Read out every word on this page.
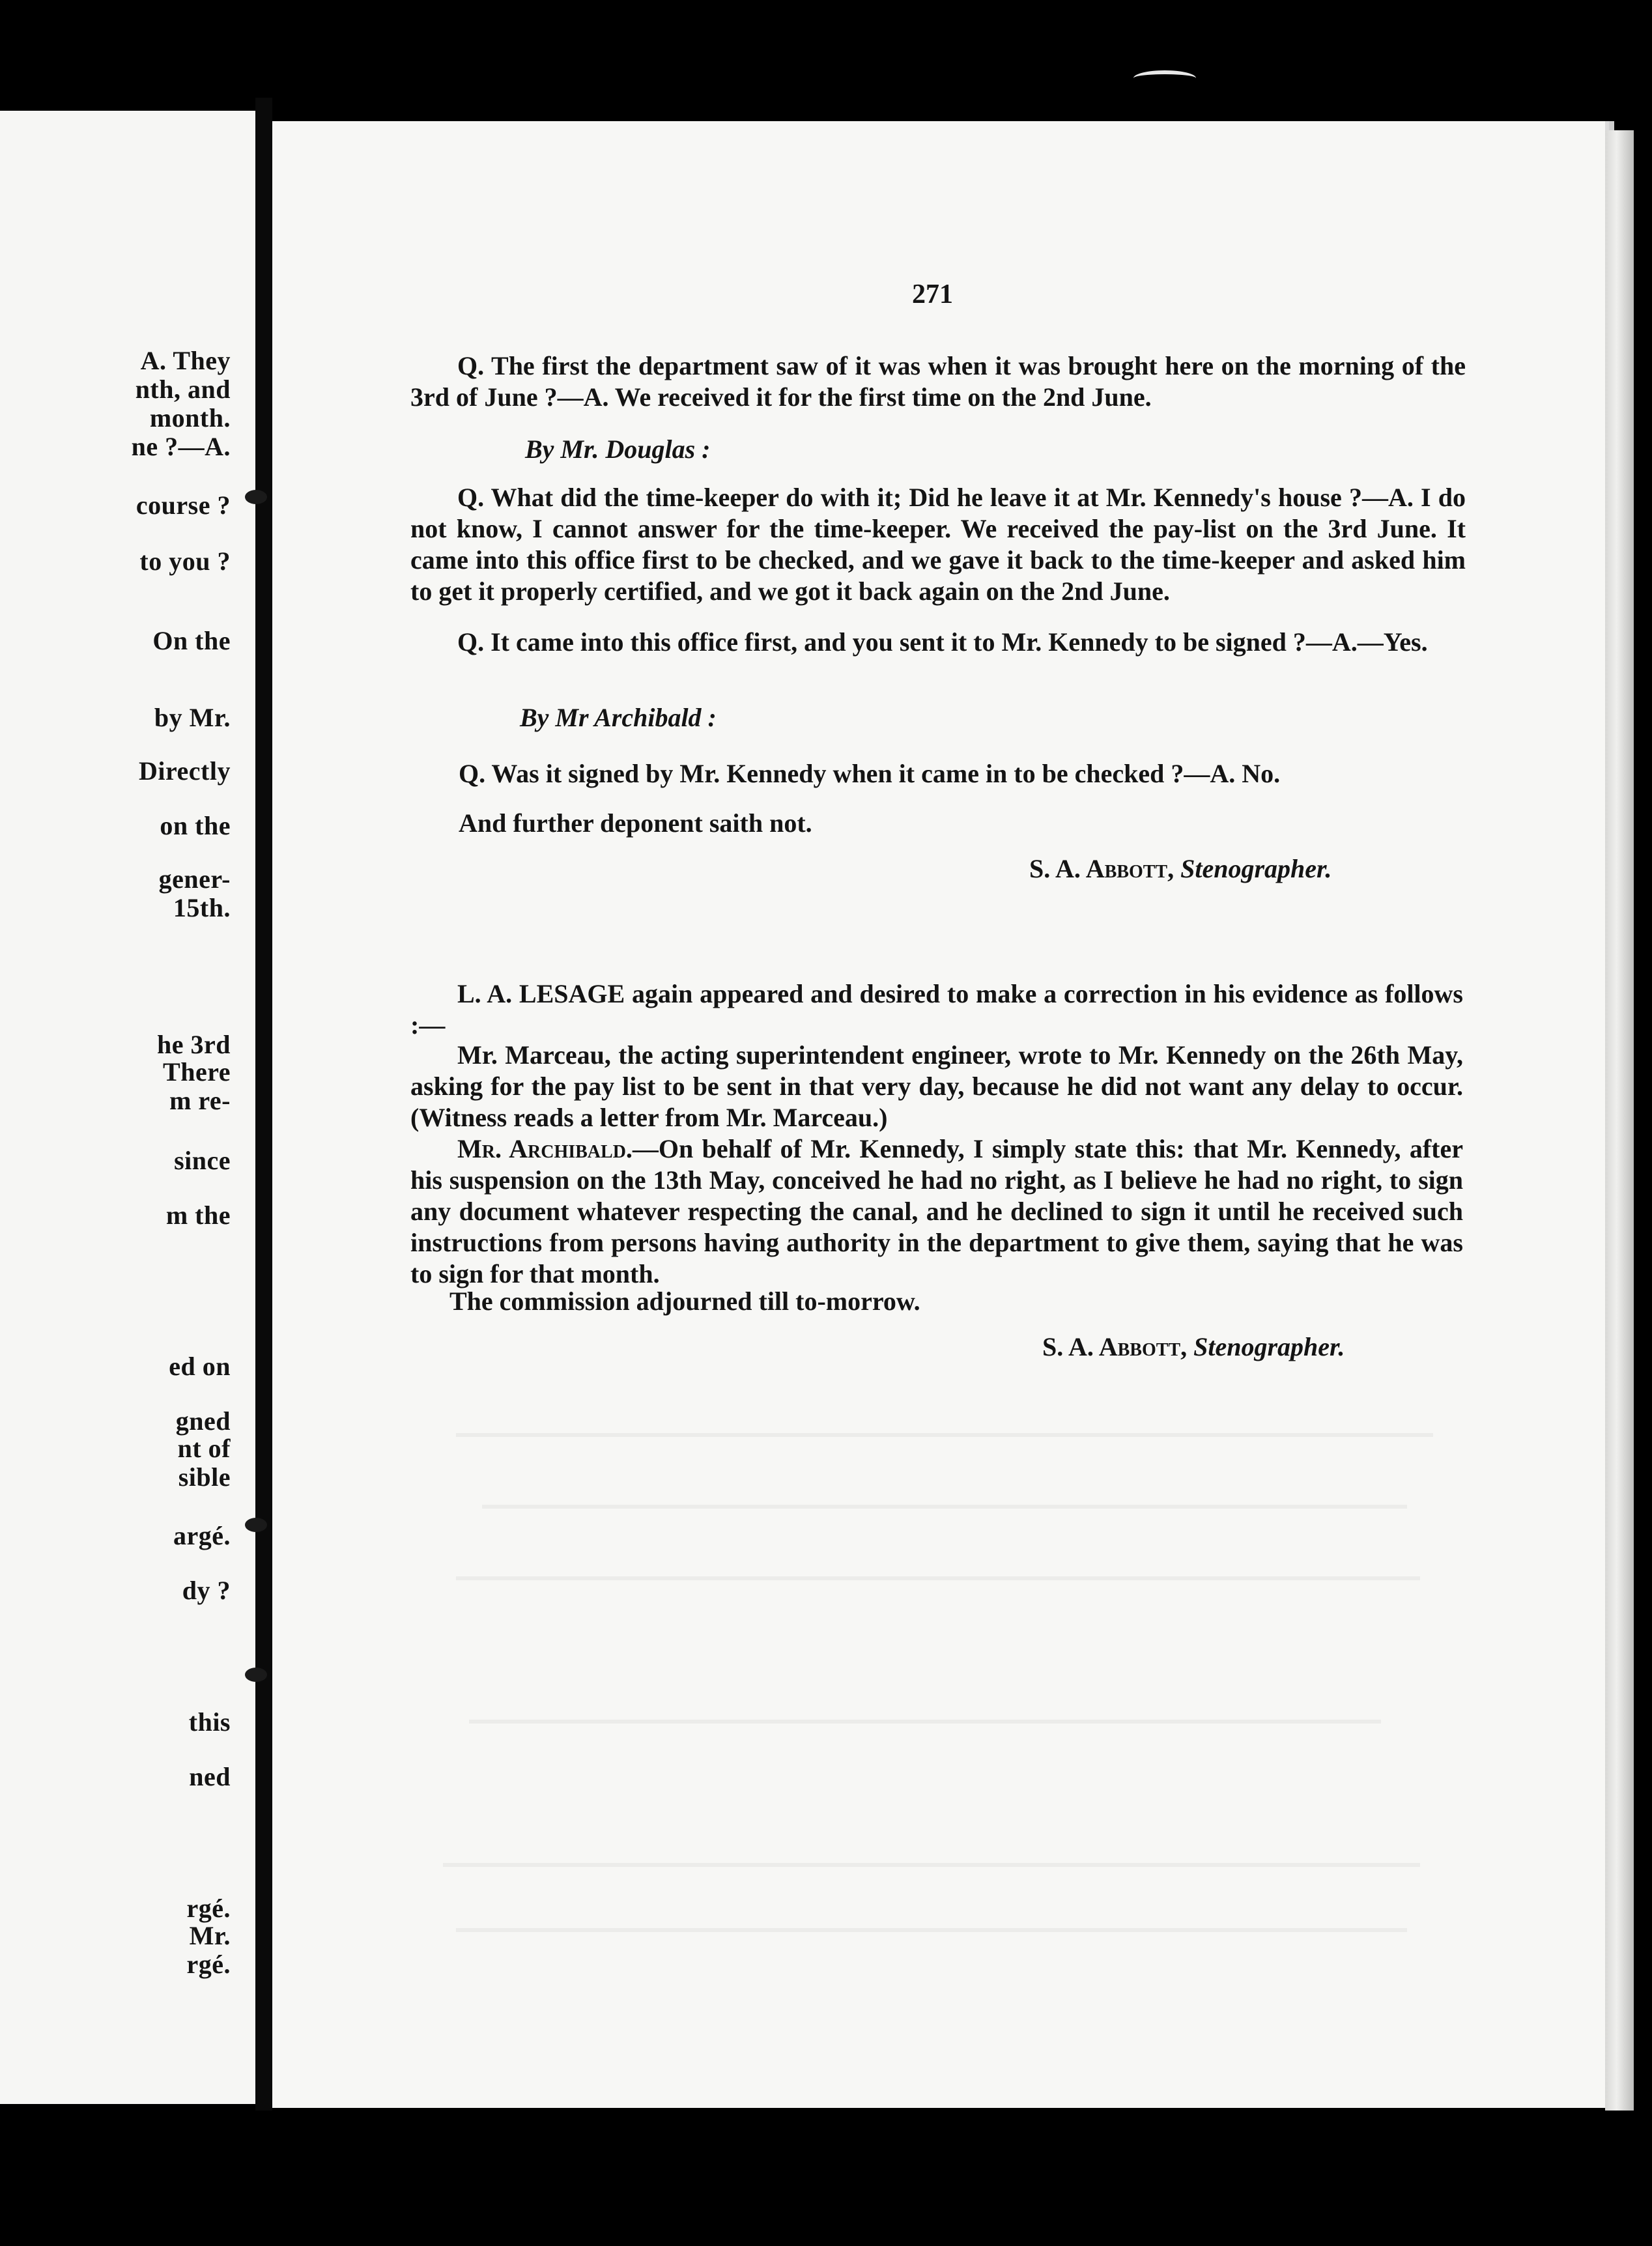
A. They
nth, and
month.
ne ?—A.
course ?
to you ?
On the
by Mr.
Directly
on the
gener-
15th.
he 3rd
There
m re-
since
m the
ed on
gned
nt of
sible
argé.
dy ?
this
ned
rgé.
Mr.
rgé.
271

Q. The first the department saw of it was when it was brought here on the morning of the 3rd of June ?—A. We received it for the first time on the 2nd June.

By Mr. Douglas :

Q. What did the time-keeper do with it; Did he leave it at Mr. Kennedy's house ?—A. I do not know, I cannot answer for the time-keeper. We received the pay-list on the 3rd June. It came into this office first to be checked, and we gave it back to the time-keeper and asked him to get it properly certified, and we got it back again on the 2nd June.

Q. It came into this office first, and you sent it to Mr. Kennedy to be signed ?—A.—Yes.

By Mr Archibald :
Q. Was it signed by Mr. Kennedy when it came in to be checked ?—A. No.
And further deponent saith not.
S. A. Abbott, Stenographer.

L. A. LESAGE again appeared and desired to make a correction in his evidence as follows :—

Mr. Marceau, the acting superintendent engineer, wrote to Mr. Kennedy on the 26th May, asking for the pay list to be sent in that very day, because he did not want any delay to occur. (Witness reads a letter from Mr. Marceau.)

Mr. Archibald.—On behalf of Mr. Kennedy, I simply state this: that Mr. Kennedy, after his suspension on the 13th May, conceived he had no right, as I believe he had no right, to sign any document whatever respecting the canal, and he declined to sign it until he received such instructions from persons having authority in the department to give them, saying that he was to sign for that month.

The commission adjourned till to-morrow.
S. A. Abbott, Stenographer.
